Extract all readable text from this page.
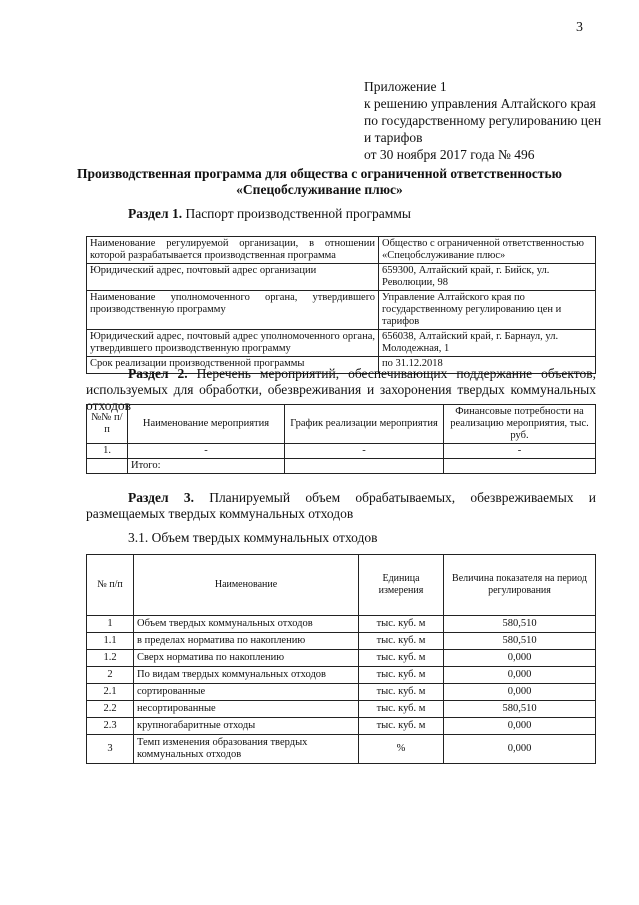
3
Приложение 1
к решению управления Алтайского края
по государственному регулированию цен
и тарифов
от 30 ноября 2017 года № 496
Производственная программа для общества с ограниченной ответственностью
«Спецобслуживание плюс»
Раздел 1. Паспорт производственной программы
Наименование регулируемой организации, в отношении которой разрабатывается производственная программа	Общество с ограниченной ответственностью «Спецобслуживание плюс»
Юридический адрес, почтовый адрес организации	659300, Алтайский край, г. Бийск, ул. Революции, 98
Наименование уполномоченного органа, утвердившего производственную программу	Управление Алтайского края по государственному регулированию цен и тарифов
Юридический адрес, почтовый адрес уполномоченного органа, утвердившего производственную программу	656038, Алтайский край, г. Барнаул, ул. Молодежная, 1
Срок реализации производственной программы	по 31.12.2018
Раздел 2. Перечень мероприятий, обеспечивающих поддержание объектов, используемых для обработки, обезвреживания и захоронения твердых коммунальных отходов
№№ п/п	Наименование мероприятия	График реализации мероприятия	Финансовые потребности на реализацию мероприятия, тыс. руб.
1.	-	-	-
	Итого:		
Раздел 3. Планируемый объем обрабатываемых, обезвреживаемых и размещаемых твердых коммунальных отходов
3.1. Объем твердых коммунальных отходов
№ п/п	Наименование	Единица измерения	Величина показателя на период регулирования
1	Объем твердых коммунальных отходов	тыс. куб. м	580,510
1.1	в пределах норматива по накоплению	тыс. куб. м	580,510
1.2	Сверх норматива по накоплению	тыс. куб. м	0,000
2	По видам твердых коммунальных отходов	тыс. куб. м	0,000
2.1	сортированные	тыс. куб. м	0,000
2.2	несортированные	тыс. куб. м	580,510
2.3	крупногабаритные отходы	тыс. куб. м	0,000
3	Темп изменения образования твердых коммунальных отходов	%	0,000
